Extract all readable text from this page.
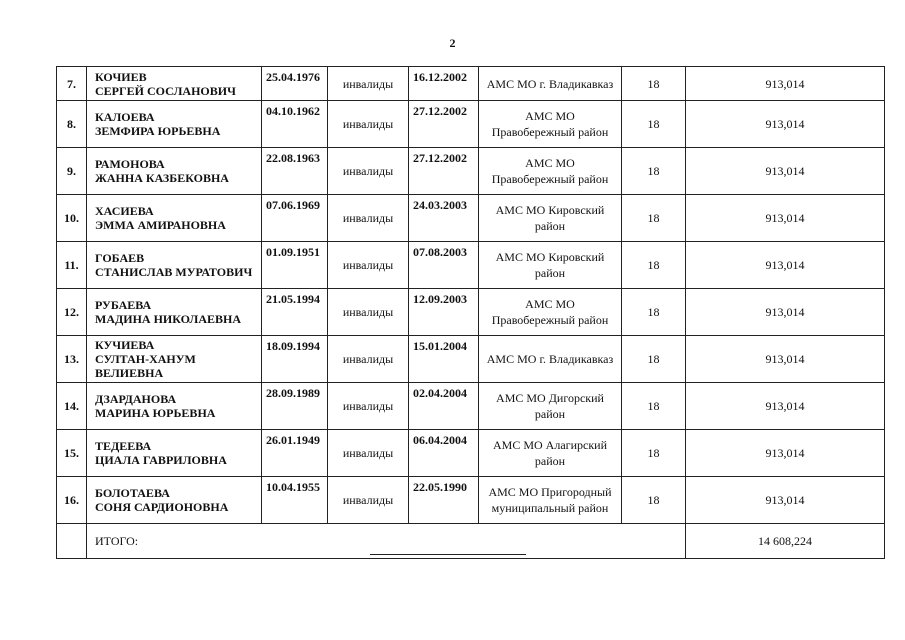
2
7.	КОЧИЕВ
СЕРГЕЙ СОСЛАНОВИЧ	25.04.1976	инвалиды	16.12.2002	АМС МО г. Владикавказ	18	913,014
8.	КАЛОЕВА
ЗЕМФИРА ЮРЬЕВНА	04.10.1962	инвалиды	27.12.2002	АМС МО
Правобережный район	18	913,014
9.	РАМОНОВА
ЖАННА КАЗБЕКОВНА	22.08.1963	инвалиды	27.12.2002	АМС МО
Правобережный район	18	913,014
10.	ХАСИЕВА
ЭММА АМИРАНОВНА	07.06.1969	инвалиды	24.03.2003	АМС МО Кировский
район	18	913,014
11.	ГОБАЕВ
СТАНИСЛАВ МУРАТОВИЧ	01.09.1951	инвалиды	07.08.2003	АМС МО Кировский
район	18	913,014
12.	РУБАЕВА
МАДИНА НИКОЛАЕВНА	21.05.1994	инвалиды	12.09.2003	АМС МО
Правобережный район	18	913,014
13.	КУЧИЕВА
СУЛТАН-ХАНУМ
ВЕЛИЕВНА	18.09.1994	инвалиды	15.01.2004	АМС МО г. Владикавказ	18	913,014
14.	ДЗАРДАНОВА
МАРИНА ЮРЬЕВНА	28.09.1989	инвалиды	02.04.2004	АМС МО Дигорский
район	18	913,014
15.	ТЕДЕЕВА
ЦИАЛА ГАВРИЛОВНА	26.01.1949	инвалиды	06.04.2004	АМС МО Алагирский
район	18	913,014
16.	БОЛОТАЕВА
СОНЯ САРДИОНОВНА	10.04.1955	инвалиды	22.05.1990	АМС МО Пригородный
муниципальный район	18	913,014
	ИТОГО:						14 608,224
